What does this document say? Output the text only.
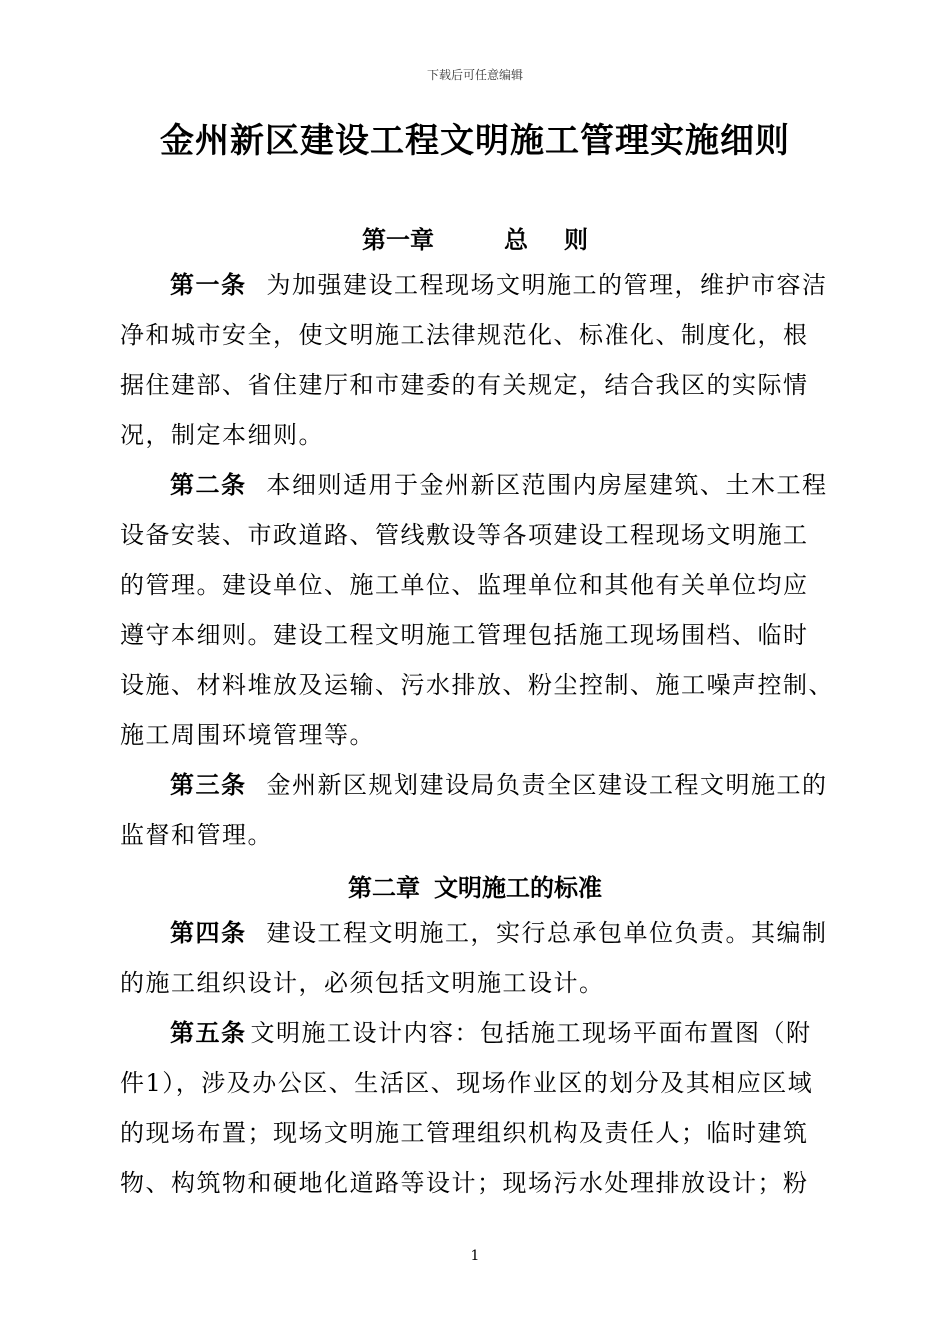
下载后可任意编辑
金州新区建设工程文明施工管理实施细则
第一章	总 则
第一条 为加强建设工程现场文明施工的管理，维护市容洁
净和城市安全，使文明施工法律规范化、标准化、制度化，根
据住建部、省住建厅和市建委的有关规定，结合我区的实际情
况，制定本细则。
第二条 本细则适用于金州新区范围内房屋建筑、土木工程
设备安装、市政道路、管线敷设等各项建设工程现场文明施工
的管理。建设单位、施工单位、监理单位和其他有关单位均应
遵守本细则。建设工程文明施工管理包括施工现场围档、临时
设施、材料堆放及运输、污水排放、粉尘控制、施工噪声控制、
施工周围环境管理等。
第三条 金州新区规划建设局负责全区建设工程文明施工的
监督和管理。
第二章 文明施工的标准
第四条 建设工程文明施工，实行总承包单位负责。其编制
的施工组织设计，必须包括文明施工设计。
第五条 文明施工设计内容：包括施工现场平面布置图（附
件1），涉及办公区、生活区、现场作业区的划分及其相应区域
的现场布置；现场文明施工管理组织机构及责任人；临时建筑
物、构筑物和硬地化道路等设计；现场污水处理排放设计；粉
1
